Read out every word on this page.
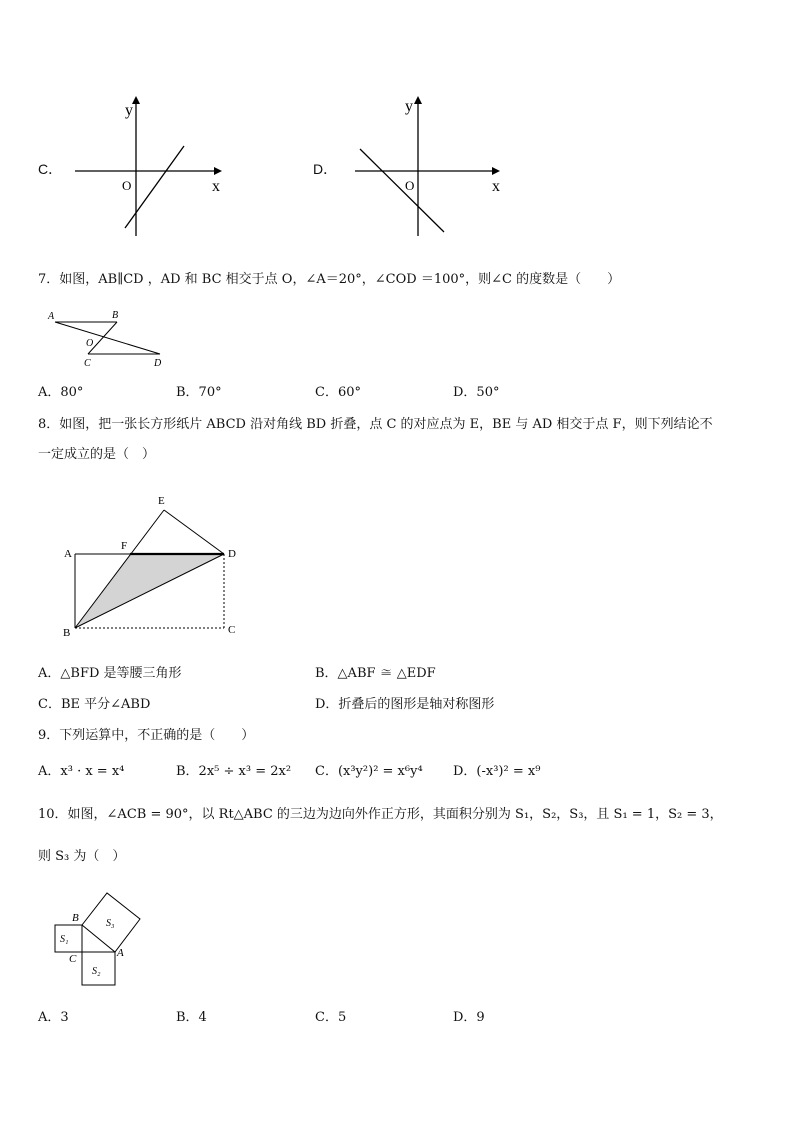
C．
y
O	x
D．
y
O	x
7．如图，AB∥CD ，AD 和 BC 相交于点 O，∠A＝20°，∠COD ＝100°，则∠C 的度数是（　　）
A	B
O
C	D
A．80°	B．70°	C．60°	D．50°
8．如图，把一张长方形纸片 ABCD 沿对角线 BD 折叠，点 C 的对应点为 E，BE 与 AD 相交于点 F，则下列结论不
一定成立的是（　）
E
A
F
D
B	C
A．△BFD 是等腰三角形	B．△ABF ≅ △EDF
C．BE 平分∠ABD	D．折叠后的图形是轴对称图形
9．下列运算中，不正确的是（　　）
A．x³ · x = x⁴	B．2x⁵ ÷ x³ = 2x² C．(x³y²)² = x⁶y⁴ D．(-x³)² = x⁹
10．如图，∠ACB = 90°，以 Rt△ABC 的三边为边向外作正方形，其面积分别为 S₁，S₂，S₃，且 S₁ = 1，S₂ = 3，
则 S₃ 为（　）
B
S₁
S₃
C	A
S₂
A．3	B．4	C．5	D．9
